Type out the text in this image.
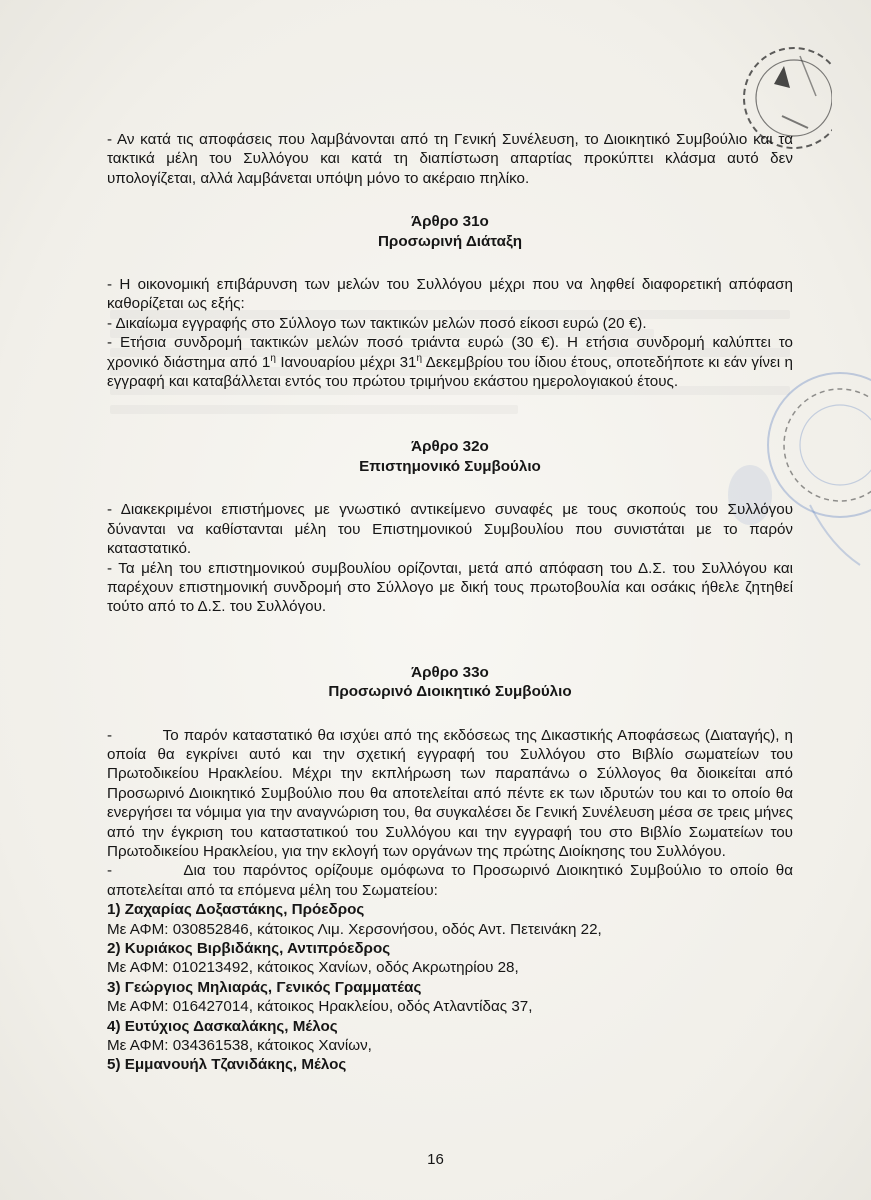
- Αν κατά τις αποφάσεις που λαμβάνονται από τη Γενική Συνέλευση, το Διοικητικό Συμβούλιο και τα τακτικά μέλη του Συλλόγου και κατά τη διαπίστωση απαρτίας προκύπτει κλάσμα αυτό δεν υπολογίζεται, αλλά λαμβάνεται υπόψη μόνο το ακέραιο πηλίκο.

Άρθρο 31ο

Προσωρινή Διάταξη

- Η οικονομική επιβάρυνση των μελών του Συλλόγου μέχρι που να ληφθεί διαφορετική απόφαση καθορίζεται ως εξής:

- Δικαίωμα εγγραφής στο Σύλλογο των τακτικών μελών ποσό είκοσι ευρώ (20 €).

- Ετήσια συνδρομή τακτικών μελών ποσό τριάντα ευρώ (30 €). Η ετήσια συνδρομή καλύπτει το χρονικό διάστημα από $1^\eta$ Ιανουαρίου μέχρι $31^\eta$ Δεκεμβρίου του ίδιου έτους, οποτεδήποτε κι εάν γίνει η εγγραφή και καταβάλλεται εντός του πρώτου τριμήνου εκάστου ημερολογιακού έτους.

Άρθρο 32ο

Επιστημονικό Συμβούλιο

- Διακεκριμένοι επιστήμονες με γνωστικό αντικείμενο συναφές με τους σκοπούς του Συλλόγου δύνανται να καθίστανται μέλη του Επιστημονικού Συμβουλίου που συνιστάται με το παρόν καταστατικό.

- Τα μέλη του επιστημονικού συμβουλίου ορίζονται, μετά από απόφαση του Δ.Σ. του Συλλόγου και παρέχουν επιστημονική συνδρομή στο Σύλλογο με δική τους πρωτοβουλία και οσάκις ήθελε ζητηθεί τούτο από το Δ.Σ. του Συλλόγου.

Άρθρο 33ο

Προσωρινό Διοικητικό Συμβούλιο

-          Το παρόν καταστατικό θα ισχύει από της εκδόσεως της Δικαστικής Αποφάσεως (Διαταγής), η οποία θα εγκρίνει αυτό και την σχετική εγγραφή του Συλλόγου στο Βιβλίο σωματείων του Πρωτοδικείου Ηρακλείου. Μέχρι την εκπλήρωση των παραπάνω ο Σύλλογος θα διοικείται από Προσωρινό Διοικητικό Συμβούλιο που θα αποτελείται από πέντε εκ των ιδρυτών του και το οποίο θα ενεργήσει τα νόμιμα για την αναγνώριση του, θα συγκαλέσει δε Γενική Συνέλευση μέσα σε τρεις μήνες από την έγκριση του καταστατικού του Συλλόγου και την εγγραφή του στο Βιβλίο Σωματείων του Πρωτοδικείου Ηρακλείου, για την εκλογή των οργάνων της πρώτης Διοίκησης του Συλλόγου.

-          Δια του παρόντος ορίζουμε ομόφωνα το Προσωρινό Διοικητικό Συμβούλιο το οποίο θα αποτελείται από τα επόμενα μέλη του Σωματείου:

1) Ζαχαρίας Δοξαστάκης, Πρόεδρος

Με ΑΦΜ: 030852846, κάτοικος Λιμ. Χερσονήσου, οδός Αντ. Πετεινάκη 22,

2) Κυριάκος Βιρβιδάκης, Αντιπρόεδρος

Με ΑΦΜ: 010213492, κάτοικος Χανίων, οδός Ακρωτηρίου 28,

3) Γεώργιος Μηλιαράς, Γενικός Γραμματέας

Με ΑΦΜ: 016427014, κάτοικος Ηρακλείου, οδός Ατλαντίδας 37,

4) Ευτύχιος Δασκαλάκης, Μέλος

Με ΑΦΜ: 034361538, κάτοικος Χανίων,

5) Εμμανουήλ Τζανιδάκης, Μέλος

16
